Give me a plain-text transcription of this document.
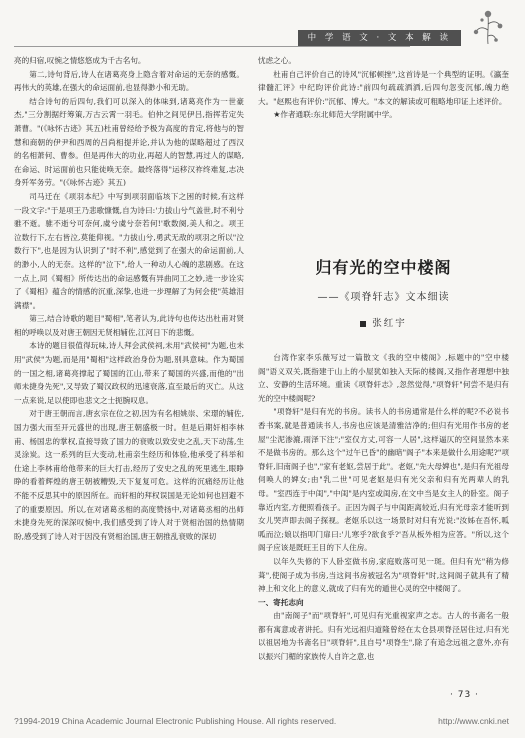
中 学 语 文 · 文 本 解 读

亮的归宿,叹惋之情悠悠成为千古名句。

第二,诗句背后,诗人在诸葛亮身上隐含着对命运的无奈的感慨。再伟大的英雄,在强大的命运面前,也显得渺小和无助。

结合诗句的后四句,我们可以深入的体味到,诸葛亮作为一世豪杰,"三分割据纡筹策,万古云霄一羽毛。伯仲之间见伊吕,指挥若定失萧曹。"(《咏怀古迹》其五)杜甫曾经给予极为高度的肯定,将他与的智慧和商朝的伊尹和西周的吕尚相提并论,并认为他的谋略超过了西汉的名相萧何、曹参。但是再伟大的功业,再超人的智慧,再过人的谋略,在命运、时运面前也只能徒唤无奈。最终落得"运移汉祚终难复,志决身歼军务劳。"(《咏怀古迹》其五)

司马迁在《项羽本纪》中写到项羽面临垓下之困的时候,有这样一段文字:"于是项王乃悲歌慷慨,自为诗曰:'力拔山兮气盖世,时不利兮骓不逝。骓不逝兮可奈何,虞兮虞兮奈若何!'歌数阕,美人和之。项王泣数行下,左右皆泣,莫能仰视。"力拔山兮,勇武无敌的项羽之所以"泣数行下",也是因为认识到了"时不利",感觉到了在强大的命运面前,人的渺小,人的无奈。这样的"泣下",给人一种动人心魄的悲剧感。在这一点上,同《蜀相》所传达出的命运感慨有异曲同工之妙,进一步诠实了《蜀相》蕴含的情感的沉重,深挚,也进一步理解了为何会使"英雄泪满襟"。

第三,结合诗歌的题目"蜀相",笔者认为,此诗句也传达出杜甫对贤相的呼唤以及对唐王朝因无贤相辅佐,江河日下的悲慨。

本诗的题目很值得玩味,诗人拜会武侯祠,未用"武侯祠"为题,也未用"武侯"为题,而是用"蜀相"这样政治身份为题,别具意味。作为蜀国的一国之相,诸葛亮撑起了蜀国的江山,带来了蜀国的兴盛,而他的"出师未捷身先死",又导致了蜀汉政权的迅速衰落,直至最后的灭亡。从这一点来说,足以使即也悲文之士扼腕叹息。

对于唐王朝而言,唐玄宗在位之初,因为有名相姚崇、宋璟的辅佐,国力强大而至开元盛世的出现,唐王朝盛极一时。但是后期奸相李林甫、杨国忠的掌权,直接导致了国力的衰败以致安史之乱,天下动荡,生灵涂炭。这一系列的巨大变动,杜甫亲生经历和体验,他承受了科举和仕途上李林甫给他带来的巨大打击,经历了安史之乱的死里逃生,眼睁睁的看着辉煌的唐王朝被糟毁,天下复复可危。这样的沉痛经历让他不能不反思其中的原因所在。而轩相的拜权误国是无论如何也回避不了的重要原因。所以,在对诸葛丞相的高度赞扬中,对诸葛丞相的出师未捷身先死的深深叹惋中,我们感受到了诗人对于贤相治国的热情期盼,感受到了诗人对于因没有贤相治国,唐王朝推乱衰败的深切

忧虑之心。

杜甫自己评价自己的诗风"沉郁顿挫",这首诗是一个典型的证明。《瀛奎律髓汇评》中纪昀评价此诗:"前四句疏疏洒洒,后四句忽变沉郁,魄力绝大。"赵熙也有评价:"沉郁、博大。"本文的解读或可粗略地印证上述评价。

★作者通联:东北师范大学附属中学。

归有光的空中楼阁
——《项脊轩志》文本细读
张红宇

台湾作家李乐薇写过一篇散文《我的空中楼阁》,标题中的"空中楼阁"语义双关,既指建于山上的小屋犹如独入天际的楼阁,又指作者理想中独立、安静的生活环境。重读《项脊轩志》,忽然觉得,"项脊轩"何尝不是归有光的空中楼阁呢?

"项脊轩"是归有光的书房。读书人的书房通常是什么样的呢?不必说书香书案,就是普通读书人,书房也应该是清雅洁净的;但归有光用作书房的老屋"尘泥渗漉,雨泽下注";"室仅方丈,可容一人居",这样逼仄的空间显然本来不是做书房的。那么这个"过午已昏"的幽暗"阁子"本来是做什么用途呢?"项脊轩,旧南阁子也","家有老妪,尝居于此"。老妪,"先大母婢也",是归有光祖母伺唤人的婢女;由"乳二世"可见老妪是归有光父亲和归有光两辈人的乳母。"室西连于中闺","中闺"是内室或闺房,在文中当是女主人的卧室。阁子靠近内室,方便照看孩子。正因为阁子与中闺距离较近,归有光母亲才能听到女儿哭声即去阁子探视。老妪乐以这一场景时对归有光说:"汝姊在吾怀,呱呱而泣;娘以指叩门扉曰:'儿寒乎?欲食乎?'吾从板外相为应答。"所以,这个阁子应该是既旺王目的下人住房。

以年久失修的下人卧室做书房,家庭败落可见一斑。但归有光"稍为修葺",使阁子成为书房,当这间书房被冠名为"项脊轩"时,这间阁子就具有了精神上和文化上的意义,就成了归有光的遁世心灵的空中楼阁了。

一、寄托志向

由"南阁子"而"项脊轩",可见归有光重视家声之志。古人的书斋名一般都有寓意或者讲托。归有光远祖归道隆曾经在太仓县项脊泾居住过,归有光以祖居地为书斋名日"项脊轩",且自号"项脊生",除了有追念远祖之意外,亦有以振兴门楣的家族传人自许之意,也

· 73 ·
?1994-2019 China Academic Journal Electronic Publishing House. All rights reserved.	http://www.cnki.net
